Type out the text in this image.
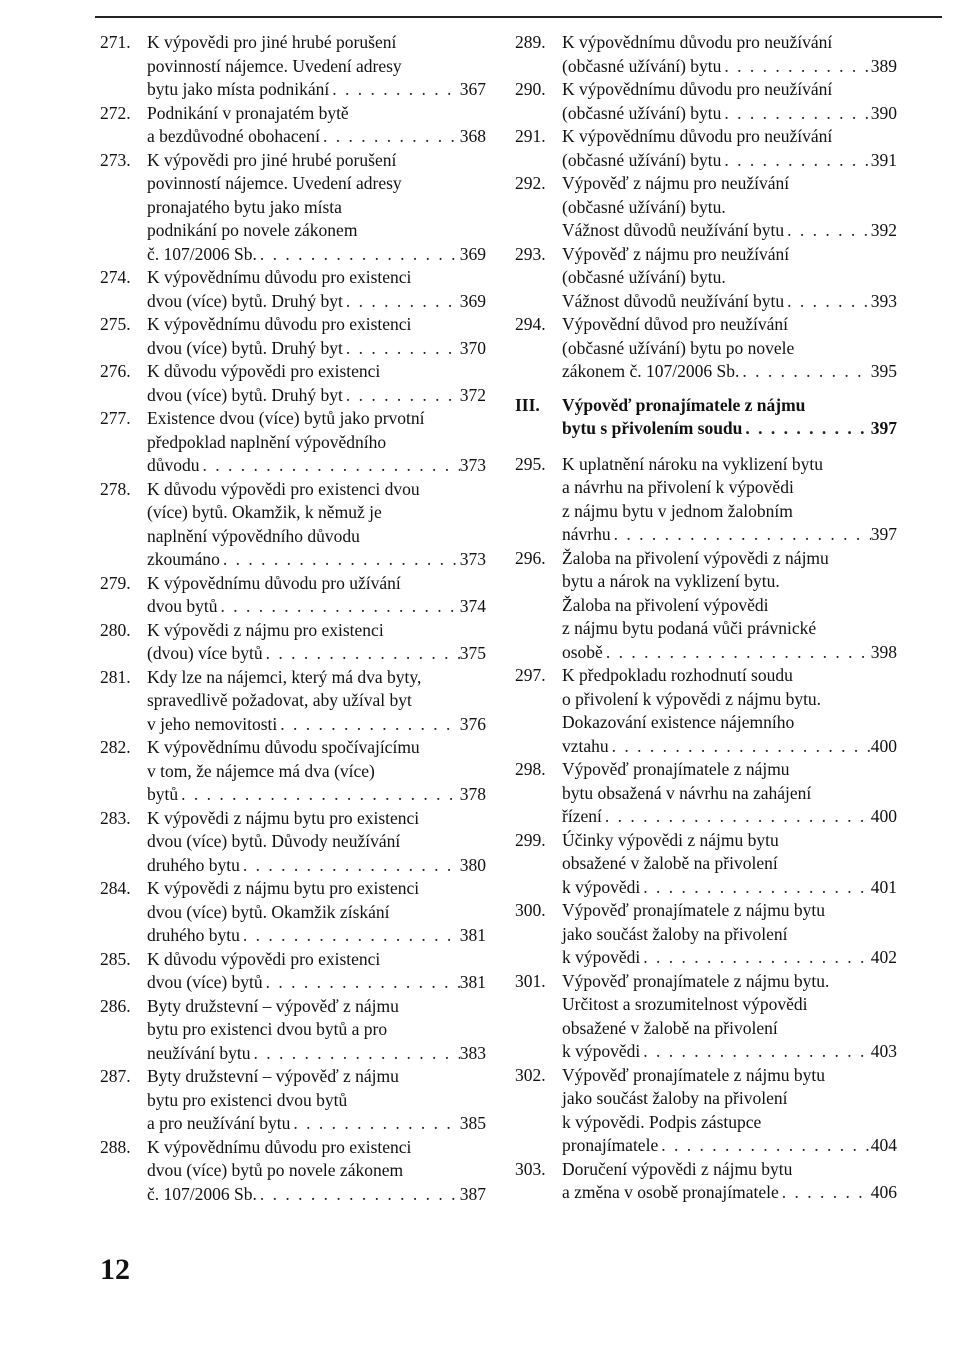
271. K výpovědi pro jiné hrubé porušení
povinností nájemce. Uvedení adresy
bytu jako místa podnikání . . .	367
272. Podnikání v pronajatém bytě
a bezdůvodné obohacení . . .	368
273. K výpovědi pro jiné hrubé porušení
povinností nájemce. Uvedení adresy
pronajatého bytu jako místa
podnikání po novele zákonem
č. 107/2006 Sb. . . .	369
274. K výpovědnímu důvodu pro existenci
dvou (více) bytů. Druhý byt . . .	369
275. K výpovědnímu důvodu pro existenci
dvou (více) bytů. Druhý byt . . .	370
276. K důvodu výpovědi pro existenci
dvou (více) bytů. Druhý byt . . .	372
277. Existence dvou (více) bytů jako prvotní
předpoklad naplnění výpovědního
důvodu . . .	373
278. K důvodu výpovědi pro existenci dvou
(více) bytů. Okamžik, k němuž je
naplnění výpovědního důvodu
zkoumáno . . .	373
279. K výpovědnímu důvodu pro užívání
dvou bytů . . .	374
280. K výpovědi z nájmu pro existenci
(dvou) více bytů . . .	375
281. Kdy lze na nájemci, který má dva byty,
spravedlivě požadovat, aby užíval byt
v jeho nemovitosti . . .	376
282. K výpovědnímu důvodu spočívajícímu
v tom, že nájemce má dva (více)
bytů . . .	378
283. K výpovědi z nájmu bytu pro existenci
dvou (více) bytů. Důvody neužívání
druhého bytu . . .	380
284. K výpovědi z nájmu bytu pro existenci
dvou (více) bytů. Okamžik získání
druhého bytu . . .	381
285. K důvodu výpovědi pro existenci
dvou (více) bytů . . .	381
286. Byty družstevní – výpověď z nájmu
bytu pro existenci dvou bytů a pro
neužívání bytu . . .	383
287. Byty družstevní – výpověď z nájmu
bytu pro existenci dvou bytů
a pro neužívání bytu . . .	385
288. K výpovědnímu důvodu pro existenci
dvou (více) bytů po novele zákonem
č. 107/2006 Sb. . . .	387
289. K výpovědnímu důvodu pro neužívání
(občasné užívání) bytu . . .	389
290. K výpovědnímu důvodu pro neužívání
(občasné užívání) bytu . . .	390
291. K výpovědnímu důvodu pro neužívání
(občasné užívání) bytu . . .	391
292. Výpověď z nájmu pro neužívání
(občasné užívání) bytu.
Vážnost důvodů neužívání bytu . . .	392
293. Výpověď z nájmu pro neužívání
(občasné užívání) bytu.
Vážnost důvodů neužívání bytu . . .	393
294. Výpovědní důvod pro neužívání
(občasné užívání) bytu po novele
zákonem č. 107/2006 Sb. . . .	395
III. Výpověď pronajímatele z nájmu
bytu s přivolením soudu . . .	397
295. K uplatnění nároku na vyklizení bytu
a návrhu na přivolení k výpovědi
z nájmu bytu v jednom žalobním
návrhu . . .	397
296. Žaloba na přivolení výpovědi z nájmu
bytu a nárok na vyklizení bytu.
Žaloba na přivolení výpovědi
z nájmu bytu podaná vůči právnické
osobě . . .	398
297. K předpokladu rozhodnutí soudu
o přivolení k výpovědi z nájmu bytu.
Dokazování existence nájemního
vztahu . . .	400
298. Výpověď pronajímatele z nájmu
bytu obsažená v návrhu na zahájení
řízení . . .	400
299. Účinky výpovědi z nájmu bytu
obsažené v žalobě na přivolení
k výpovědi . . .	401
300. Výpověď pronajímatele z nájmu bytu
jako součást žaloby na přivolení
k výpovědi . . .	402
301. Výpověď pronajímatele z nájmu bytu.
Určitost a srozumitelnost výpovědi
obsažené v žalobě na přivolení
k výpovědi . . .	403
302. Výpověď pronajímatele z nájmu bytu
jako součást žaloby na přivolení
k výpovědi. Podpis zástupce
pronajímatele . . .	404
303. Doručení výpovědi z nájmu bytu
a změna v osobě pronajímatele . . .	406
12
